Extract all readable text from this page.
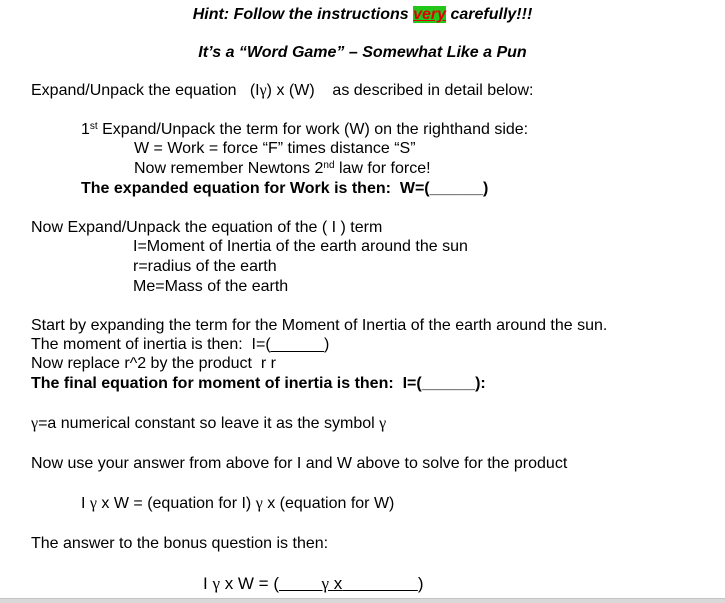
Hint: Follow the instructions very carefully!!!
It’s a “Word Game” – Somewhat Like a Pun
Expand/Unpack the equation   (Iγ) x (W)    as described in detail below:
1st Expand/Unpack the term for work (W) on the righthand side:
W = Work = force “F” times distance “S”
Now remember Newtons 2nd law for force!
The expanded equation for Work is then:  W=(______)
Now Expand/Unpack the equation of the ( I ) term
I=Moment of Inertia of the earth around the sun
r=radius of the earth
Me=Mass of the earth
Start by expanding the term for the Moment of Inertia of the earth around the sun.
The moment of inertia is then:  I=(______)
Now replace r^2 by the product  r r
The final equation for moment of inertia is then:  I=(______):
γ=a numerical constant so leave it as the symbol γ
Now use your answer from above for I and W above to solve for the product
I γ x W = (equation for I) γ x (equation for W)
The answer to the bonus question is then:
I γ x W = (	γ x	)
